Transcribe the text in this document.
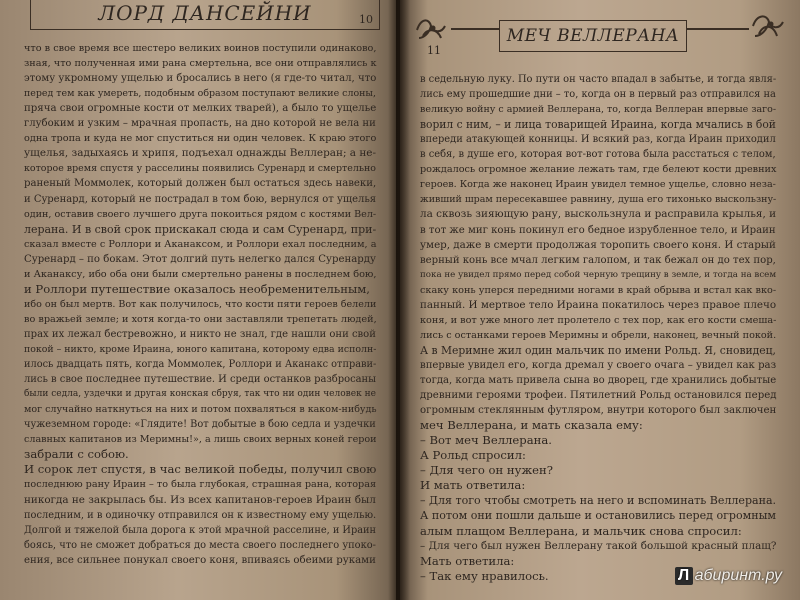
ЛОРД ДАНСЕЙНИ	10
что в свое время все шестеро великих воинов поступили одинаково,
зная, что полученная ими рана смертельна, все они отправлялись к
этому укромному ущелью и бросались в него (я где-то читал, что
перед тем как умереть, подобным образом поступают великие слоны,
пряча свои огромные кости от мелких тварей), а было то ущелье
глубоким и узким – мрачная пропасть, на дно которой не вела ни
одна тропа и куда не мог спуститься ни один человек. К краю этого
ущелья, задыхаясь и хрипя, подъехал однажды Веллеран; а не-
которое время спустя у расселины появились Суренард и смертельно
раненый Моммолек, который должен был остаться здесь навеки,
и Суренард, который не пострадал в том бою, вернулся от ущелья
один, оставив своего лучшего друга покоиться рядом с костями Вел-
лерана. И в свой срок прискакал сюда и сам Суренард, при-
сказал вместе с Роллори и Аканаксом, и Роллори ехал последним, а
Суренард – по бокам. Этот долгий путь нелегко дался Суренарду
и Аканаксу, ибо оба они были смертельно ранены в последнем бою,
и Роллори путешествие оказалось необременительным,
ибо он был мертв. Вот как получилось, что кости пяти героев белели
во вражьей земле; и хотя когда-то они заставляли трепетать людей,
прах их лежал бестревожно, и никто не знал, где нашли они свой
покой – никто, кроме Ираина, юного капитана, которому едва исполн-
илось двадцать пять, когда Моммолек, Роллори и Аканакс отправи-
лись в свое последнее путешествие. И среди останков разбросаны
были седла, уздечки и другая конская сбруя, так что ни один человек не
мог случайно наткнуться на них и потом похваляться в каком-нибудь
чужеземном городе: «Глядите! Вот добытые в бою седла и уздечки
славных капитанов из Меримны!», а лишь своих верных коней герои
забрали с собою.
И сорок лет спустя, в час великой победы, получил свою
последнюю рану Ираин – то была глубокая, страшная рана, которая
никогда не закрылась бы. Из всех капитанов-героев Ираин был
последним, и в одиночку отправился он к известному ему ущелью.
Долгой и тяжелой была дорога к этой мрачной расселине, и Ираин
боясь, что не сможет добраться до места своего последнего упоко-
ения, все сильнее понукал своего коня, впиваясь обеими руками
МЕЧ ВЕЛЛЕРАНА
11
в седельную луку. По пути он часто впадал в забытье, и тогда явля-
лись ему прошедшие дни – то, когда он в первый раз отправился на
великую войну с армией Веллерана, то, когда Веллеран впервые заго-
ворил с ним, – и лица товарищей Ираина, когда мчались в бой
впереди атакующей конницы. И всякий раз, когда Ираин приходил
в себя, в душе его, которая вот-вот готова была расстаться с телом,
рождалось огромное желание лежать там, где белеют кости древних
героев. Когда же наконец Ираин увидел темное ущелье, словно неза-
живший шрам пересекавшее равнину, душа его тихонько выскользну-
ла сквозь зияющую рану, выскользнула и расправила крылья, и
в тот же миг конь покинул его бедное изрубленное тело, и Ираин
умер, даже в смерти продолжая торопить своего коня. И старый
верный конь все мчал легким галопом, и так бежал он до тех пор,
пока не увидел прямо перед собой черную трещину в земле, и тогда на всем
скаку конь уперся передними ногами в край обрыва и встал как вко-
панный. И мертвое тело Ираина покатилось через правое плечо
коня, и вот уже много лет пролетело с тех пор, как его кости смеша-
лись с останками героев Меримны и обрели, наконец, вечный покой.
А в Меримне жил один мальчик по имени Рольд. Я, сновидец,
впервые увидел его, когда дремал у своего очага – увидел как раз
тогда, когда мать привела сына во дворец, где хранились добытые
древними героями трофеи. Пятилетний Рольд остановился перед
огромным стеклянным футляром, внутри которого был заключен
меч Веллерана, и мать сказала ему:
– Вот меч Веллерана.
А Рольд спросил:
– Для чего он нужен?
И мать ответила:
– Для того чтобы смотреть на него и вспоминать Веллерана.
А потом они пошли дальше и остановились перед огромным
алым плащом Веллерана, и мальчик снова спросил:
– Для чего был нужен Веллерану такой большой красный плащ?
Мать ответила:
– Так ему нравилось.	Л абиринт.ру
